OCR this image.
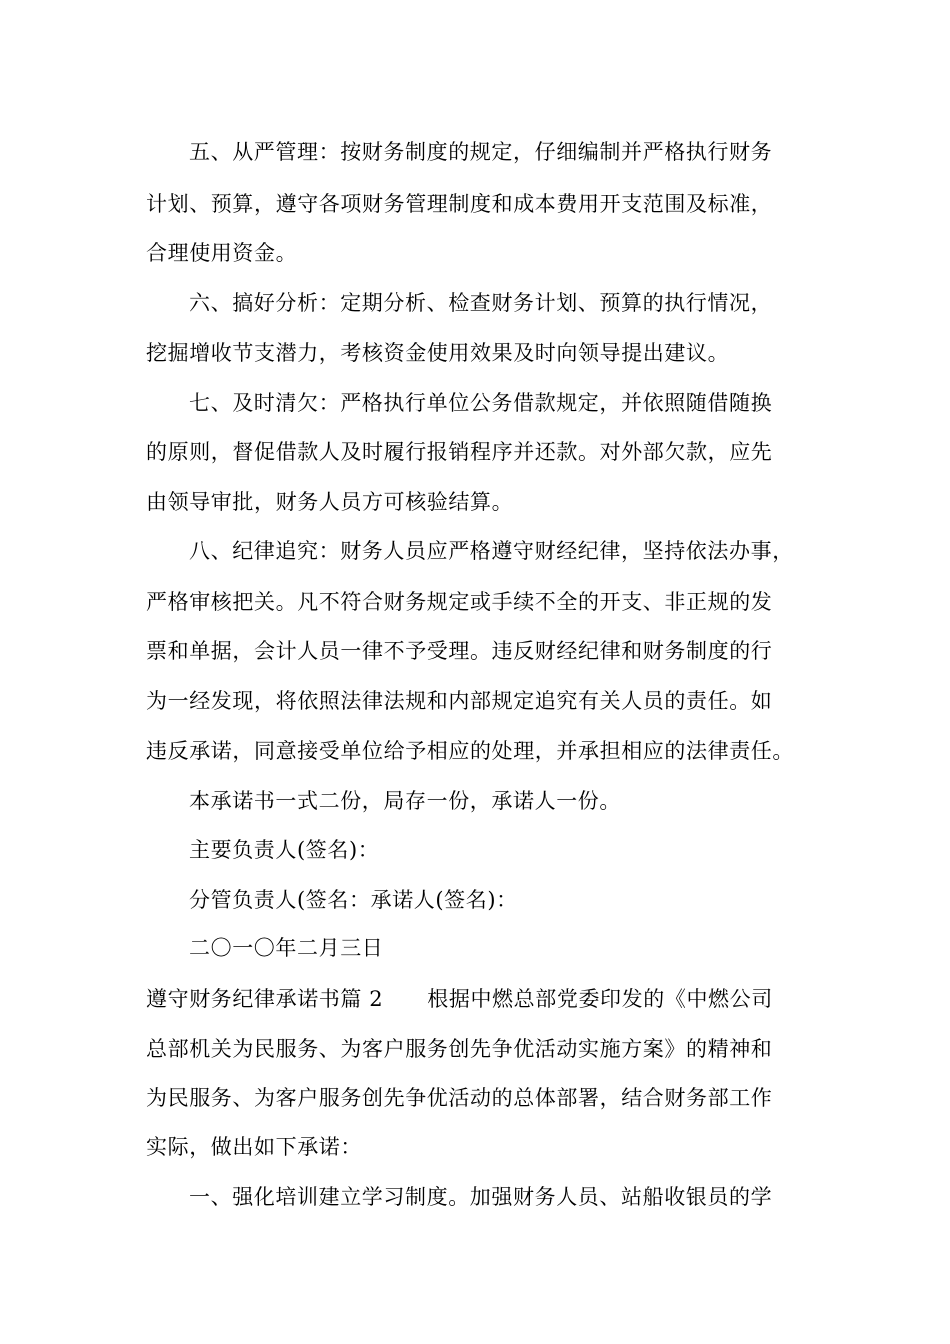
五、从严管理：按财务制度的规定，仔细编制并严格执行财务
计划、预算，遵守各项财务管理制度和成本费用开支范围及标准，
合理使用资金。
六、搞好分析：定期分析、检查财务计划、预算的执行情况，
挖掘增收节支潜力，考核资金使用效果及时向领导提出建议。
七、及时清欠：严格执行单位公务借款规定，并依照随借随换
的原则，督促借款人及时履行报销程序并还款。对外部欠款，应先
由领导审批，财务人员方可核验结算。
八、纪律追究：财务人员应严格遵守财经纪律，坚持依法办事，
严格审核把关。凡不符合财务规定或手续不全的开支、非正规的发
票和单据，会计人员一律不予受理。违反财经纪律和财务制度的行
为一经发现，将依照法律法规和内部规定追究有关人员的责任。如
违反承诺，同意接受单位给予相应的处理，并承担相应的法律责任。
本承诺书一式二份，局存一份，承诺人一份。
主要负责人(签名)：
分管负责人(签名：承诺人(签名)：
二〇一〇年二月三日
遵守财务纪律承诺书篇 2 根据中燃总部党委印发的《中燃公司
总部机关为民服务、为客户服务创先争优活动实施方案》的精神和
为民服务、为客户服务创先争优活动的总体部署，结合财务部工作
实际，做出如下承诺：
一、强化培训建立学习制度。加强财务人员、站船收银员的学
